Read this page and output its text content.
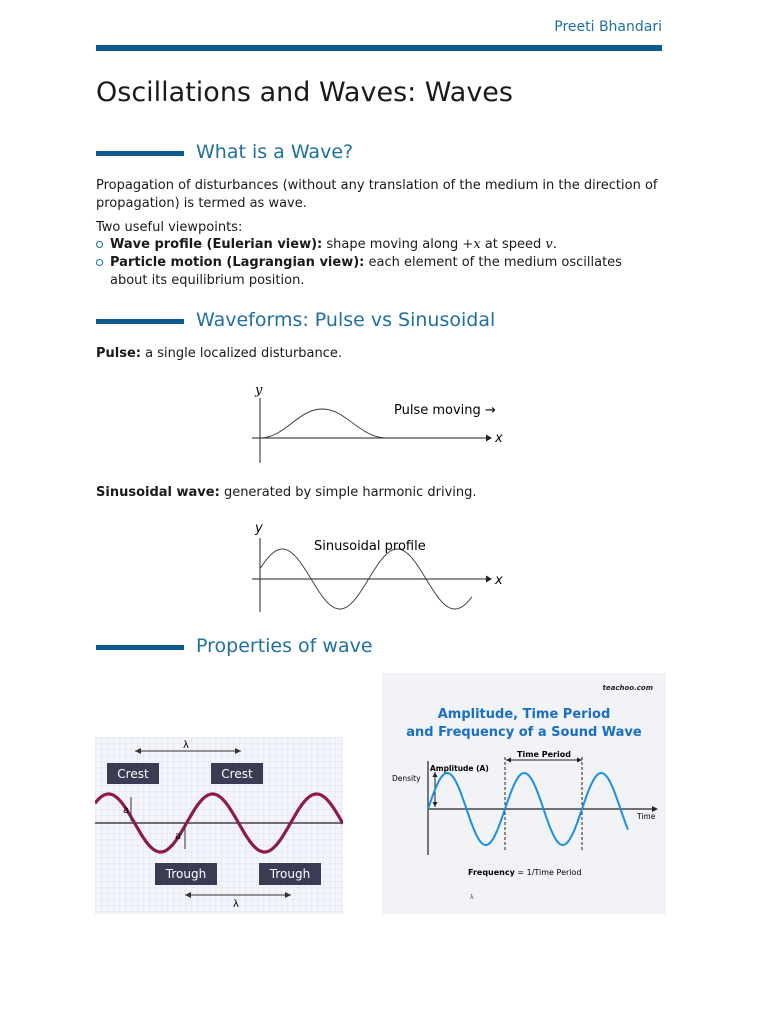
Preeti Bhandari
Oscillations and Waves: Waves
What is a Wave?

Propagation of disturbances (without any translation of the medium in the direction of propagation) is termed as wave.

Two useful viewpoints:

Wave profile (Eulerian view): shape moving along +x at speed v.
Particle motion (Lagrangian view): each element of the medium oscillates about its equilibrium position.
Waveforms: Pulse vs Sinusoidal

Pulse: a single localized disturbance.

y
x
Pulse moving →

Sinusoidal wave: generated by simple harmonic driving.

y
x
Sinusoidal profile
Properties of wave
λ
Crest	Crest
a
a
Trough	Trough
λ
teachoo.com
Amplitude, Time Period
and Frequency of a Sound Wave
Time Period
Density
Time
Amplitude (A)
Frequency = 1/Time Period
λ
